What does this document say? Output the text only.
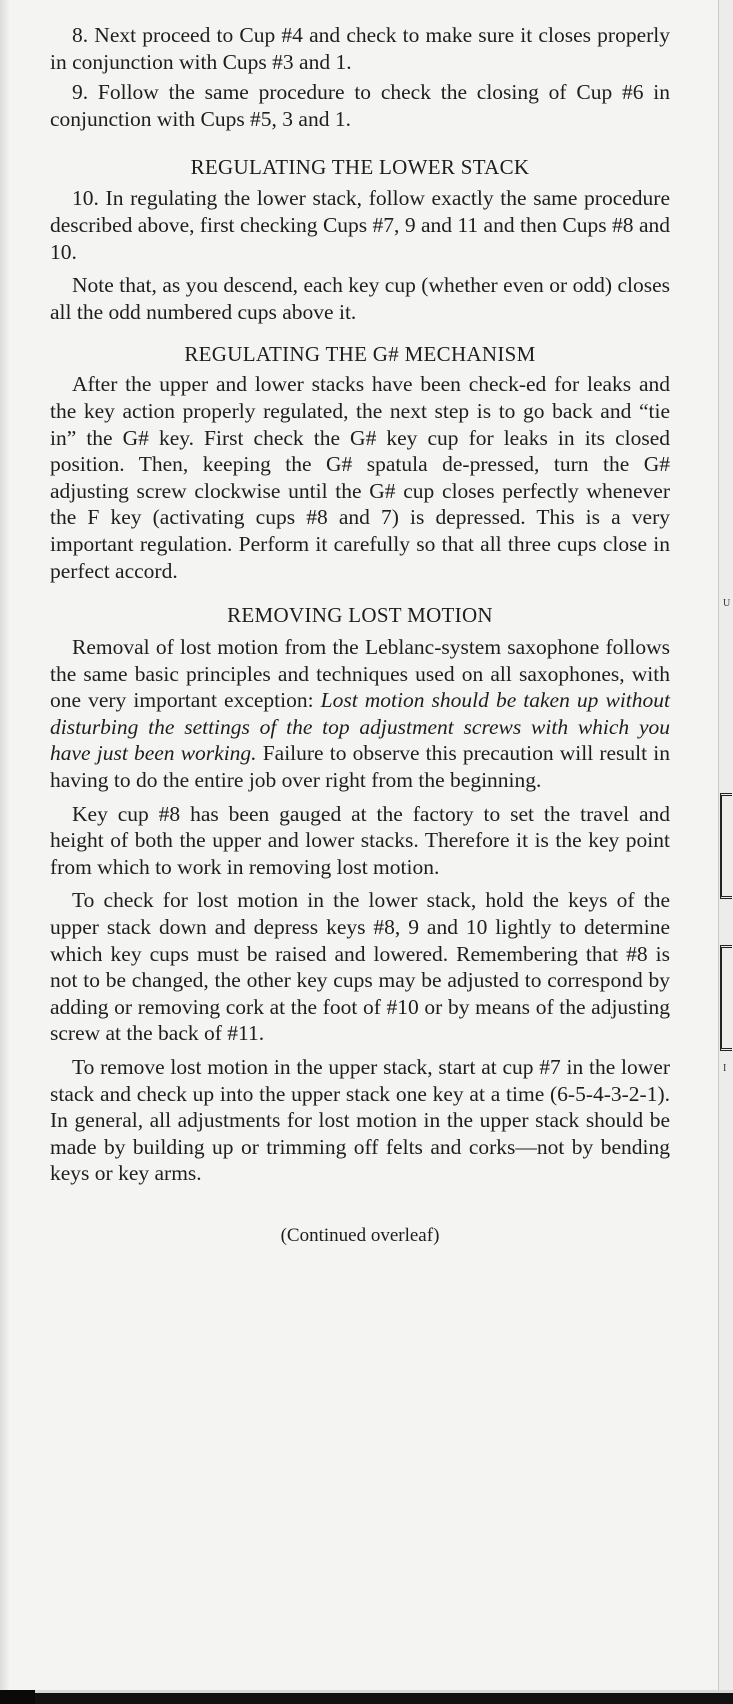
8. Next proceed to Cup #4 and check to make sure it closes properly in conjunction with Cups #3 and 1.

9. Follow the same procedure to check the closing of Cup #6 in conjunction with Cups #5, 3 and 1.

REGULATING THE LOWER STACK

10. In regulating the lower stack, follow exactly the same procedure described above, first checking Cups #7, 9 and 11 and then Cups #8 and 10.

Note that, as you descend, each key cup (whether even or odd) closes all the odd numbered cups above it.

REGULATING THE G# MECHANISM

After the upper and lower stacks have been check-ed for leaks and the key action properly regulated, the next step is to go back and “tie in” the G# key. First check the G# key cup for leaks in its closed position. Then, keeping the G# spatula de-pressed, turn the G# adjusting screw clockwise until the G# cup closes perfectly whenever the F key (activating cups #8 and 7) is depressed. This is a very important regulation. Perform it carefully so that all three cups close in perfect accord.

REMOVING LOST MOTION

Removal of lost motion from the Leblanc-system saxophone follows the same basic principles and techniques used on all saxophones, with one very important exception: Lost motion should be taken up without disturbing the settings of the top adjustment screws with which you have just been working. Failure to observe this precaution will result in having to do the entire job over right from the beginning.

Key cup #8 has been gauged at the factory to set the travel and height of both the upper and lower stacks. Therefore it is the key point from which to work in removing lost motion.

To check for lost motion in the lower stack, hold the keys of the upper stack down and depress keys #8, 9 and 10 lightly to determine which key cups must be raised and lowered. Remembering that #8 is not to be changed, the other key cups may be adjusted to correspond by adding or removing cork at the foot of #10 or by means of the adjusting screw at the back of #11.

To remove lost motion in the upper stack, start at cup #7 in the lower stack and check up into the upper stack one key at a time (6-5-4-3-2-1). In general, all adjustments for lost motion in the upper stack should be made by building up or trimming off felts and corks—not by bending keys or key arms.

(Continued overleaf)
U
I
